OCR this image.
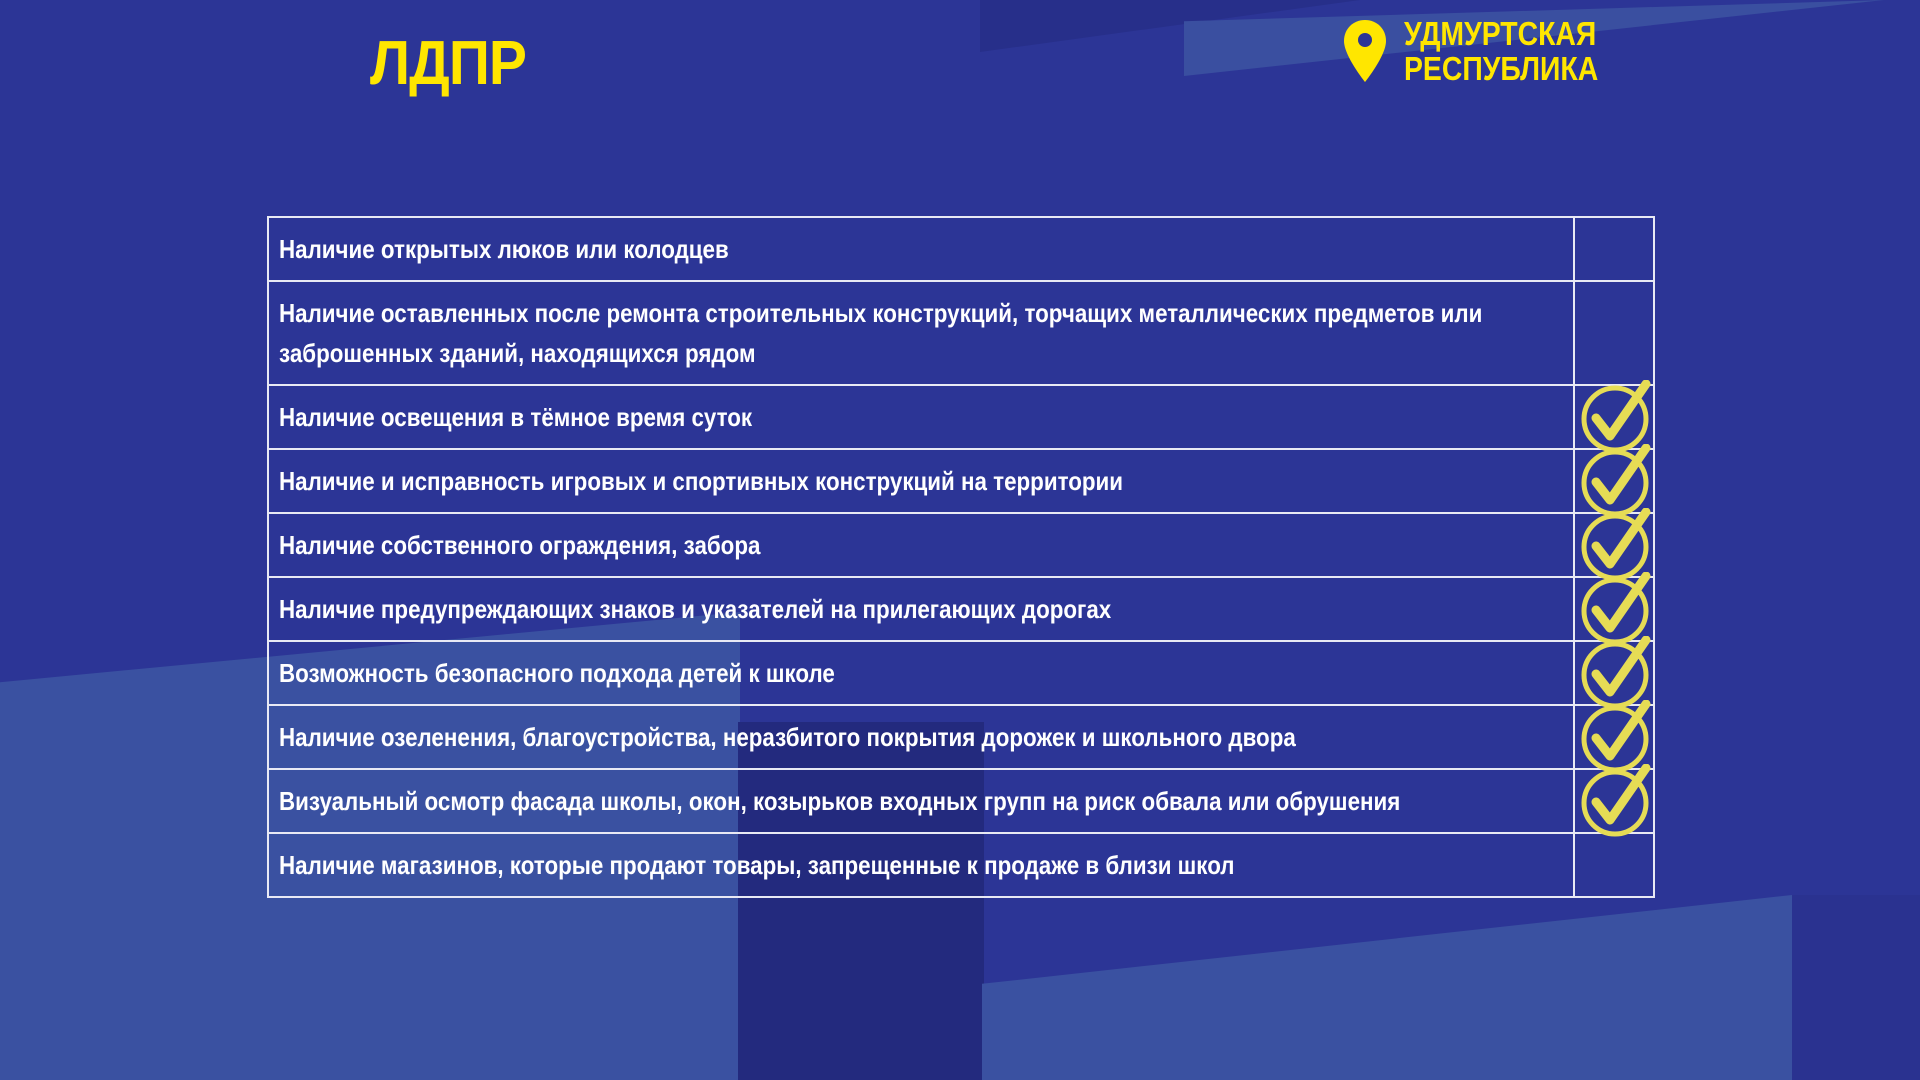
ЛДПР	УДМУРТСКАЯ
РЕСПУБЛИКА
Наличие открытых люков или колодцев	
Наличие оставленных после ремонта строительных конструкций, торчащих металлических предметов или заброшенных зданий, находящихся рядом	
Наличие освещения в тёмное время суток	

Наличие и исправность игровых и спортивных конструкций на территории	

Наличие собственного ограждения, забора	

Наличие предупреждающих знаков и указателей на прилегающих дорогах	

Возможность безопасного подхода детей к школе	

Наличие озеленения, благоустройства, неразбитого покрытия дорожек и школьного двора	

Визуальный осмотр фасада школы, окон, козырьков входных групп на риск обвала или обрушения	

Наличие магазинов, которые продают товары, запрещенные к продаже в близи школ	
